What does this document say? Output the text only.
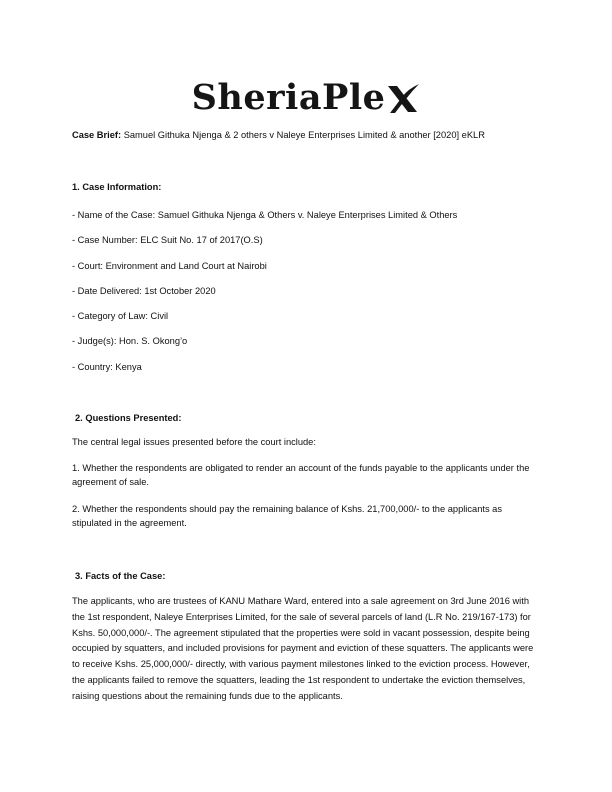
SheriaPle

Case Brief: Samuel Githuka Njenga & 2 others v Naleye Enterprises Limited & another [2020] eKLR

1. Case Information:

- Name of the Case: Samuel Githuka Njenga & Others v. Naleye Enterprises Limited & Others

- Case Number: ELC Suit No. 17 of 2017(O.S)

- Court: Environment and Land Court at Nairobi

- Date Delivered: 1st October 2020

- Category of Law: Civil

- Judge(s): Hon. S. Okong’o

- Country: Kenya

2. Questions Presented:

The central legal issues presented before the court include:

1. Whether the respondents are obligated to render an account of the funds payable to the applicants under the agreement of sale.

2. Whether the respondents should pay the remaining balance of Kshs. 21,700,000/- to the applicants as stipulated in the agreement.

3. Facts of the Case:

The applicants, who are trustees of KANU Mathare Ward, entered into a sale agreement on 3rd June 2016 with the 1st respondent, Naleye Enterprises Limited, for the sale of several parcels of land (L.R No. 219/167-173) for Kshs. 50,000,000/-. The agreement stipulated that the properties were sold in vacant possession, despite being occupied by squatters, and included provisions for payment and eviction of these squatters. The applicants were to receive Kshs. 25,000,000/- directly, with various payment milestones linked to the eviction process. However, the applicants failed to remove the squatters, leading the 1st respondent to undertake the eviction themselves, raising questions about the remaining funds due to the applicants.
